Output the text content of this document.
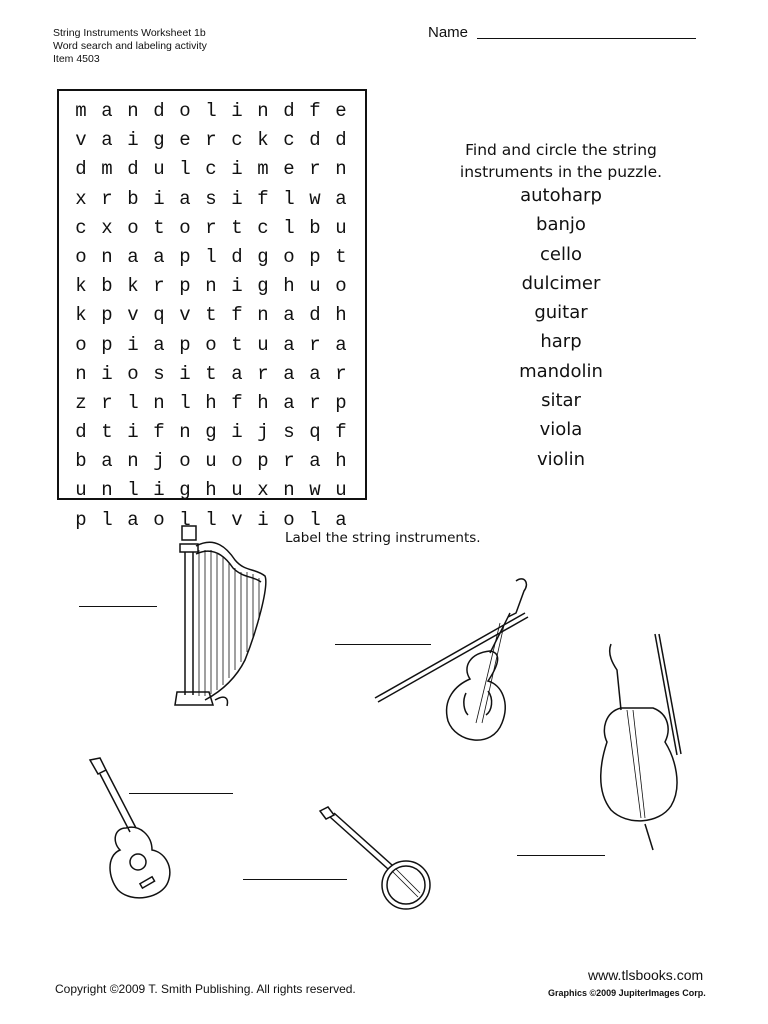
String Instruments Worksheet 1b
Word search and labeling activity
Item 4503
Name
m a n d o l i n d f e
v a i g e r c k c d d
d m d u l c i m e r n
x r b i a s i f l w a
c x o t o r t c l b u
o n a a p l d g o p t
k b k r p n i g h u o
k p v q v t f n a d h
o p i a p o t u a r a
n i o s i t a r a a r
z r l n l h f h a r p
d t i f n g i j s q f
b a n j o u o p r a h
u n l i g h u x n w u
p l a o l l v i o l a
Find and circle the string
instruments in the puzzle.
autoharp
banjo
cello
dulcimer
guitar
harp
mandolin
sitar
viola
violin
Label the string instruments.
Copyright ©2009 T. Smith Publishing. All rights reserved.
www.tlsbooks.com
Graphics ©2009 JupiterImages Corp.
